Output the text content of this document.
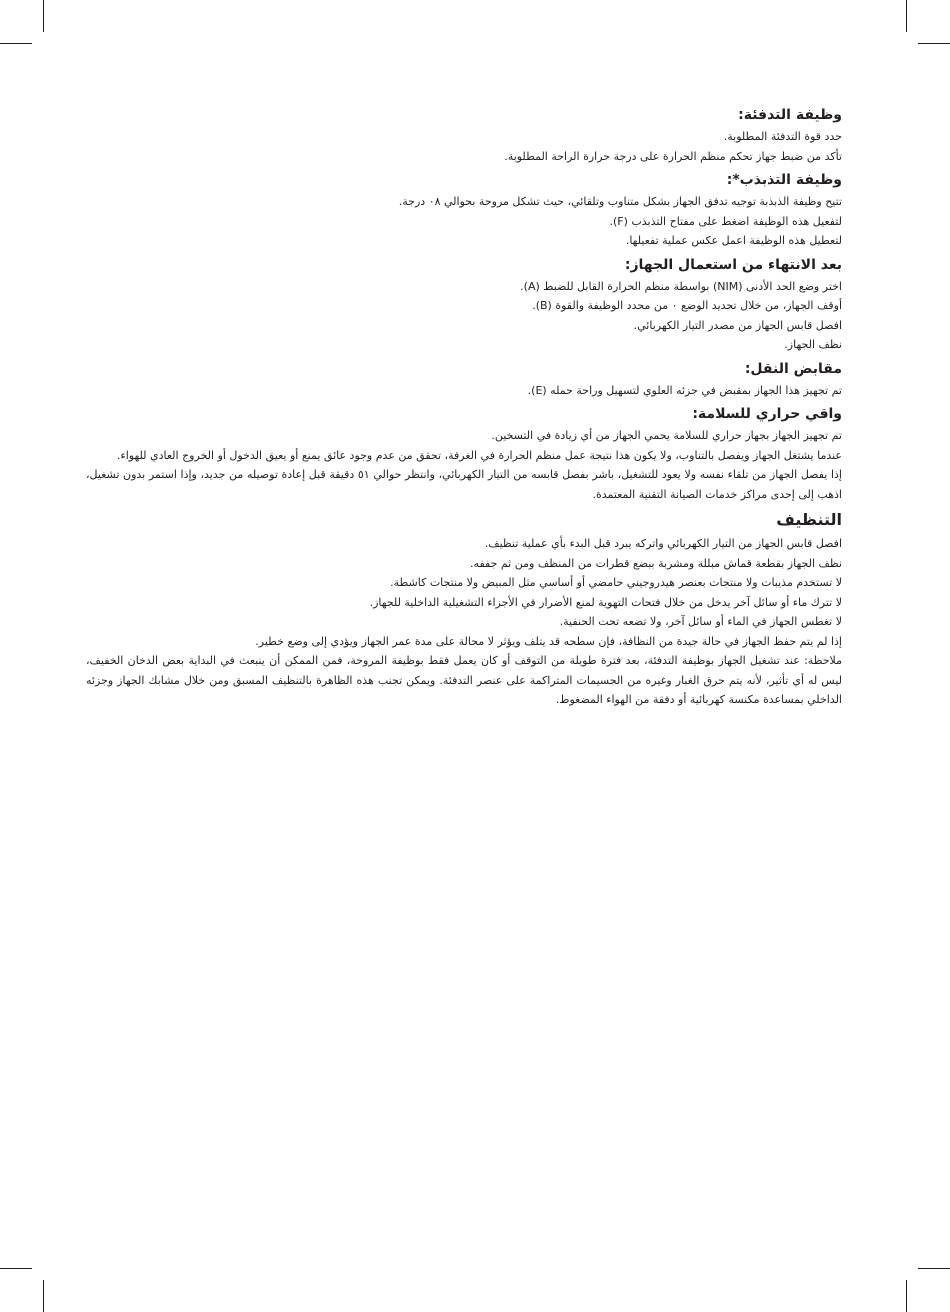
وظيفة التدفئة:

حدد قوة التدفئة المطلوبة.

تأكد من ضبط جهاز تحكم منظم الحرارة على درجة حرارة الراحة المطلوبة.

وظيفة التذبذب*:

تتيح وظيفة الذبذبة توجيه تدفق الجهاز بشكل متناوب وتلقائي، حيث تشكل مروحة بحوالي ٠٨ درجة.

لتفعيل هذه الوظيفة اضغط على مفتاح التذبذب (F).

لتعطيل هذه الوظيفة اعمل عكس عملية تفعيلها.

بعد الانتهاء من استعمال الجهاز:

اختر وضع الحد الأدنى (NIM) بواسطة منظم الحرارة القابل للضبط (A).

أوقف الجهاز، من خلال تحديد الوضع ٠ من محدد الوظيفة والقوة (B).

افصل قابس الجهاز من مصدر التيار الكهربائي.

نظف الجهاز.

مقابض النقل:

تم تجهيز هذا الجهاز بمقبض في جزئه العلوي لتسهيل وراحة حمله (E).

واقي حراري للسلامة:

تم تجهيز الجهاز بجهاز حراري للسلامة يحمي الجهاز من أي زيادة في التسخين.

عندما يشتغل الجهاز ويفصل بالتناوب، ولا يكون هذا نتيجة عمل منظم الحرارة في الغرفة، تحقق من عدم وجود عائق يمنع أو يعيق الدخول أو الخروج العادي للهواء.

إذا يفصل الجهاز من تلقاء نفسه ولا يعود للتشغيل، باشر بفصل قابسه من التيار الكهربائي، وانتظر حوالي ٥١ دقيقة قبل إعادة توصيله من جديد، وإذا استمر بدون تشغيل، اذهب إلى إحدى مراكز خدمات الصيانة التقنية المعتمدة.

التنظيف

افصل قابس الجهاز من التيار الكهربائي واتركه يبرد قبل البدء بأي عملية تنظيف.

نظف الجهاز بقطعة قماش مبللة ومشربة ببضع قطرات من المنظف ومن ثم جففه.

لا تستخدم مذيبات ولا منتجات بعنصر هيدروجيني حامضي أو أساسي مثل المبيض ولا منتجات كاشطة.

لا تترك ماء أو سائل آخر يدخل من خلال فتحات التهوية لمنع الأضرار في الأجزاء التشغيلية الداخلية للجهاز.

لا تغطس الجهاز في الماء أو سائل آخر، ولا تضعه تحت الحنفية.

إذا لم يتم حفظ الجهاز في حالة جيدة من النظافة، فإن سطحه قد يتلف ويؤثر لا محالة على مدة عمر الجهاز ويؤدي إلى وضع خطير.

ملاحظة: عند تشغيل الجهاز بوظيفة التدفئة، بعد فترة طويلة من التوقف أو كان يعمل فقط بوظيفة المروحة، فمن الممكن أن ينبعث في البداية بعض الدخان الخفيف، ليس له أي تأثير، لأنه يتم حرق الغبار وغيره من الجسيمات المتراكمة على عنصر التدفئة. ويمكن تجنب هذه الظاهرة بالتنظيف المسبق ومن خلال مشابك الجهاز وجزئه الداخلي بمساعدة مكنسة كهربائية أو دفقة من الهواء المضغوط.
